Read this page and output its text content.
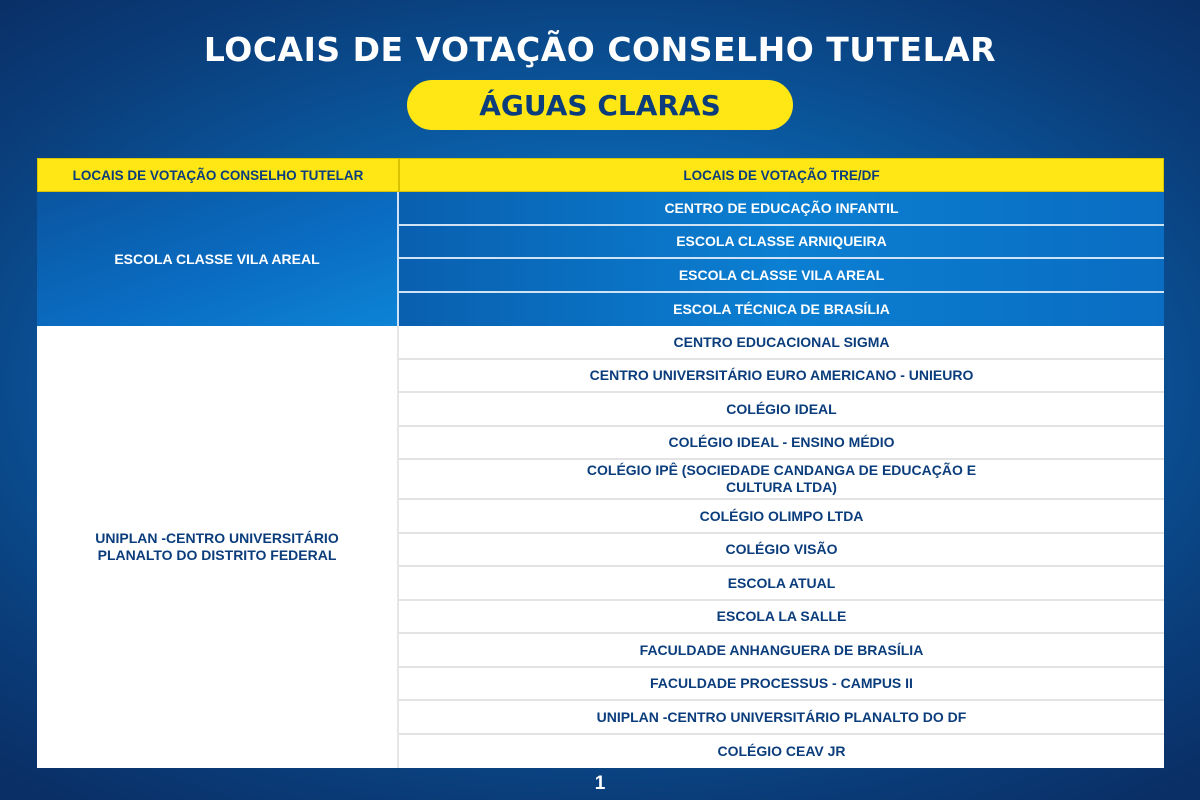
LOCAIS DE VOTAÇÃO CONSELHO TUTELAR
ÁGUAS CLARAS
LOCAIS DE VOTAÇÃO CONSELHO TUTELAR	LOCAIS DE VOTAÇÃO TRE/DF
ESCOLA CLASSE VILA AREAL
CENTRO DE EDUCAÇÃO INFANTIL
ESCOLA CLASSE ARNIQUEIRA
ESCOLA CLASSE VILA AREAL
ESCOLA TÉCNICA DE BRASÍLIA
UNIPLAN -CENTRO UNIVERSITÁRIO
PLANALTO DO DISTRITO FEDERAL
CENTRO EDUCACIONAL SIGMA
CENTRO UNIVERSITÁRIO EURO AMERICANO - UNIEURO
COLÉGIO IDEAL
COLÉGIO IDEAL - ENSINO MÉDIO
COLÉGIO IPÊ (SOCIEDADE CANDANGA DE EDUCAÇÃO E CULTURA LTDA)
COLÉGIO OLIMPO LTDA
COLÉGIO VISÃO
ESCOLA ATUAL
ESCOLA LA SALLE
FACULDADE ANHANGUERA DE BRASÍLIA
FACULDADE PROCESSUS - CAMPUS II
UNIPLAN -CENTRO UNIVERSITÁRIO PLANALTO DO DF
COLÉGIO CEAV JR
1
